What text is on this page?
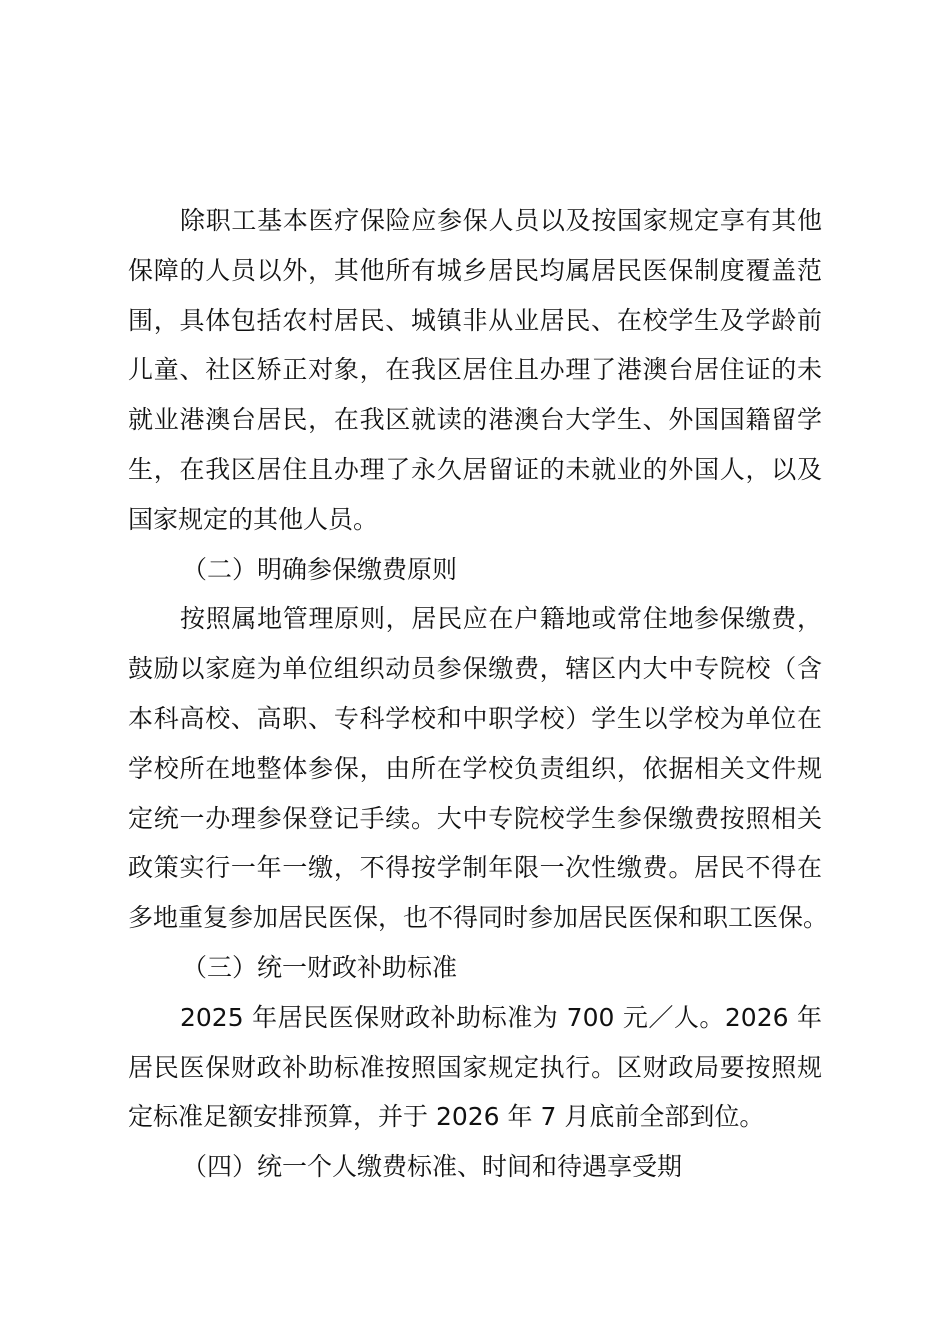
除职工基本医疗保险应参保人员以及按国家规定享有其他
保障的人员以外，其他所有城乡居民均属居民医保制度覆盖范
围，具体包括农村居民、城镇非从业居民、在校学生及学龄前
儿童、社区矫正对象，在我区居住且办理了港澳台居住证的未
就业港澳台居民，在我区就读的港澳台大学生、外国国籍留学
生，在我区居住且办理了永久居留证的未就业的外国人，以及
国家规定的其他人员。
（二）明确参保缴费原则
按照属地管理原则，居民应在户籍地或常住地参保缴费，
鼓励以家庭为单位组织动员参保缴费，辖区内大中专院校（含
本科高校、高职、专科学校和中职学校）学生以学校为单位在
学校所在地整体参保，由所在学校负责组织，依据相关文件规
定统一办理参保登记手续。大中专院校学生参保缴费按照相关
政策实行一年一缴，不得按学制年限一次性缴费。居民不得在
多地重复参加居民医保，也不得同时参加居民医保和职工医保。
（三）统一财政补助标准
2025 年居民医保财政补助标准为 700 元／人。2026 年
居民医保财政补助标准按照国家规定执行。区财政局要按照规
定标准足额安排预算，并于 2026 年 7 月底前全部到位。
（四）统一个人缴费标准、时间和待遇享受期
